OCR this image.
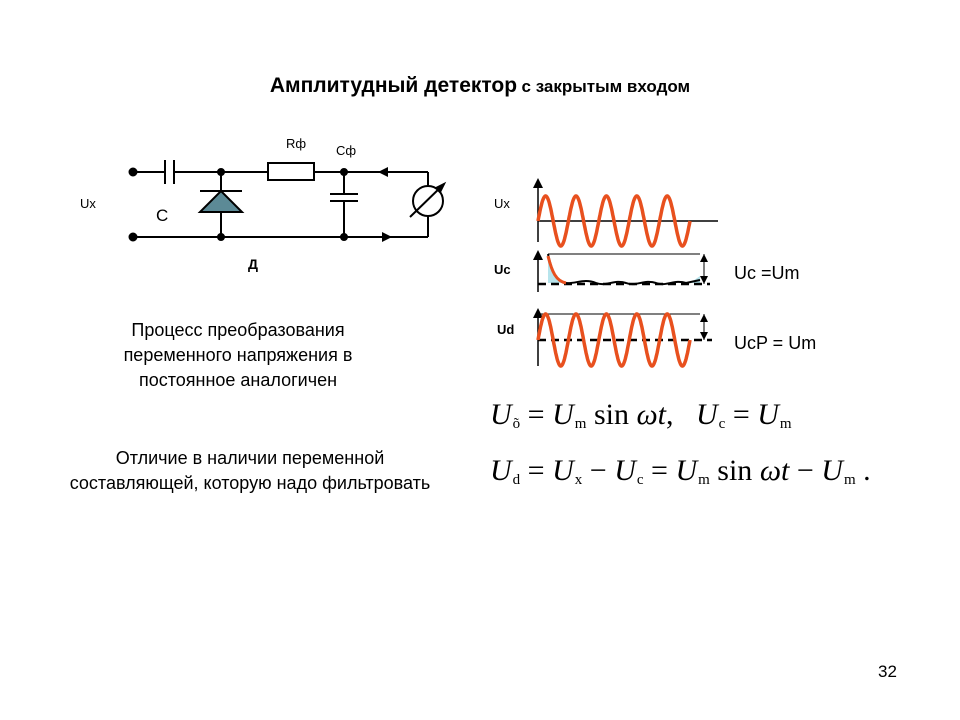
Амплитудный детектор с закрытым входом
Ux
C
Д
Rф Сф
Ux
Uc
Ud
Uc =Um
UcP = Um
Процесс преобразования переменного напряжения в постоянное аналогичен
Отличие в наличии переменной составляющей, которую надо фильтровать
$U_õ = U_m$ sin ωt,   $U_c = U_m$
$U_d = U_x - U_c = U_m$ $\sin \omega t - U_m$ .
32
